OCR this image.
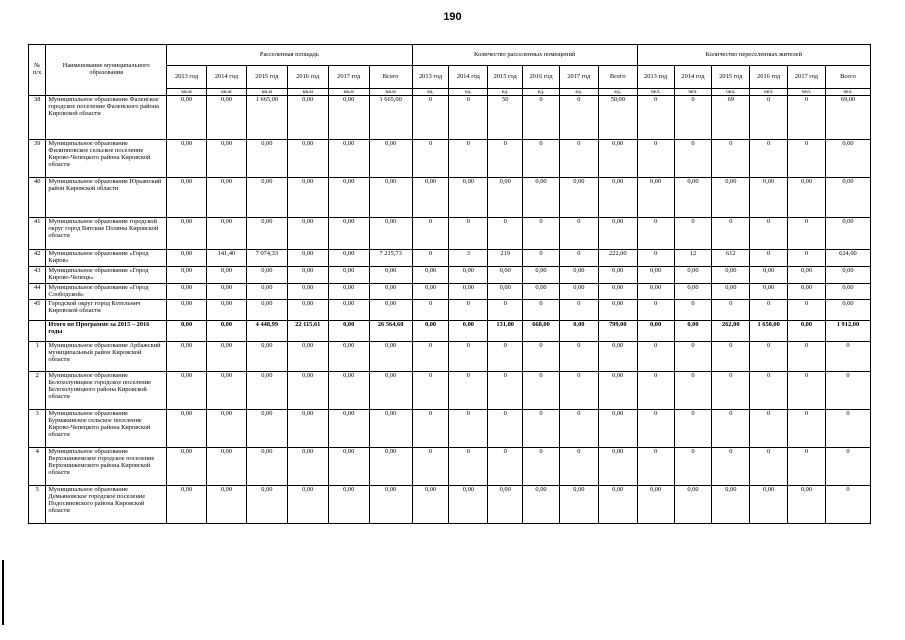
190
№ п/х	Наименование муниципального образования	Расселенная площадь						Количество расселенных помещений						Количество переселенных жителей					
		2013 год	2014 год	2015 год	2016 год	2017 год	Всего	2013 год	2014 год	2015 год	2016 год	2017 год	Всего	2013 год	2014 год	2015 год	2016 год	2017 год	Всего
		кв.м	кв.м	кв.м	кв.м	кв.м	кв.м	ед.	ед.	ед.	ед.	ед.	ед.	чел.	чел.	чел.	чел.	чел.	чел.
38	Муниципальное образование Фаленское городское поселение Фаленского района Кировской области	0,00	0,00	1 665,00	0,00	0,00	1 665,00	0	0	50	0	0	50,00	0	0	69	0	0	69,00
39	Муниципальное образование Филипповское сельское поселение Кирово-Чепецкого района Кировской области	0,00	0,00	0,00	0,00	0,00	0,00	0	0	0	0	0	0,00	0	0	0	0	0	0,00
40	Муниципальное образование Юрьянский район Кировской области	0,00	0,00	0,00	0,00	0,00	0,00	0,00	0,00	0,00	0,00	0,00	0,00	0,00	0,00	0,00	0,00	0,00	0,00
41	Муниципальное образование городской округ город Вятские Поляны Кировской области	0,00	0,00	0,00	0,00	0,00	0,00	0	0	0	0	0	0,00	0	0	0	0	0	0,00
42	Муниципальное образование «Город Киров»	0,00	141,40	7 074,33	0,00	0,00	7 215,73	0	3	219	0	0	222,00	0	12	612	0	0	624,00
43	Муниципальное образование «Город Кирово-Чепецк»	0,00	0,00	0,00	0,00	0,00	0,00	0,00	0,00	0,00	0,00	0,00	0,00	0,00	0,00	0,00	0,00	0,00	0,00
44	Муниципальное образование «Город Слободской»	0,00	0,00	0,00	0,00	0,00	0,00	0,00	0,00	0,00	0,00	0,00	0,00	0,00	0,00	0,00	0,00	0,00	0,00
45	Городской округ город Котельнич Кировской области	0,00	0,00	0,00	0,00	0,00	0,00	0	0	0	0	0	0,00	0	0	0	0	0	0,00
	Итого по Программе за 2015 – 2016 годы	0,00	0,00	4 448,99	22 115,61	0,00	26 564,60	0,00	0,00	131,00	668,00	0,00	799,00	0,00	0,00	262,00	1 650,00	0,00	1 912,00
1	Муниципальное образование Арбажский муниципальный район Кировской области	0,00	0,00	0,00	0,00	0,00	0,00	0	0	0	0	0	0,00	0	0	0	0	0	0
2	Муниципальное образование Белохолуницкое городское поселение Белохолуницкого района Кировской области	0,00	0,00	0,00	0,00	0,00	0,00	0	0	0	0	0	0,00	0	0	0	0	0	0
3	Муниципальное образование Бурмакинское сельское поселение Кирово-Чепецкого района Кировской области	0,00	0,00	0,00	0,00	0,00	0,00	0	0	0	0	0	0,00	0	0	0	0	0	0
4	Муниципальное образование Верхошижемское городское поселение Верхошижемского района Кировской области	0,00	0,00	0,00	0,00	0,00	0,00	0	0	0	0	0	0,00	0	0	0	0	0	0
5	Муниципальное образование Демьяновское городское поселение Подосиновского района Кировской области	0,00	0,00	0,00	0,00	0,00	0,00	0,00	0,00	0,00	0,00	0,00	0,00	0,00	0,00	0,00	0,00	0,00	0
